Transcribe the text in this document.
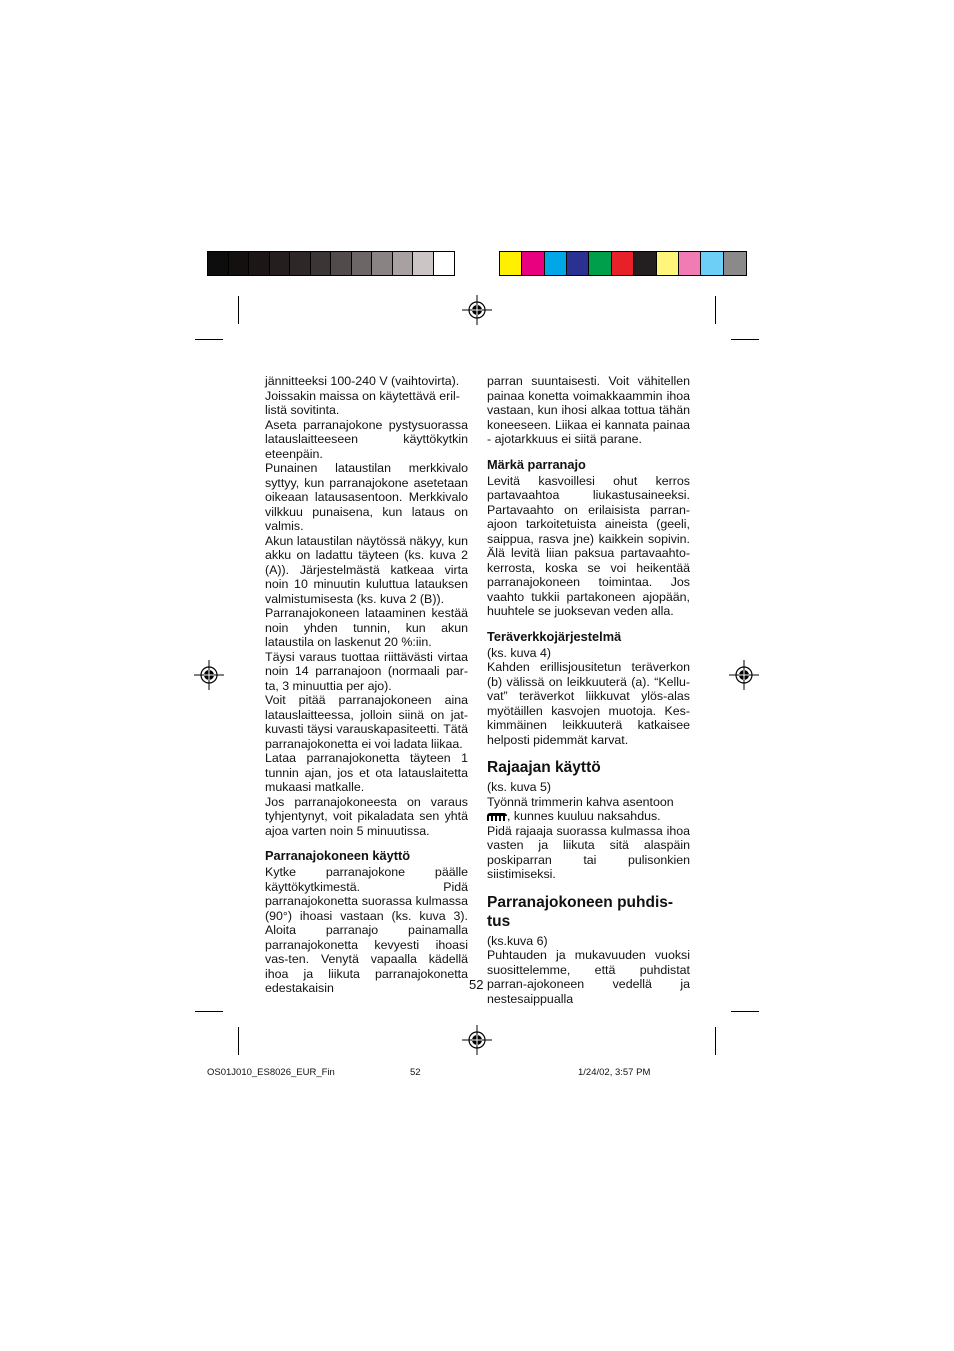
jännitteeksi 100-240 V (vaihtovirta). Joissakin maissa on käytettävä eril-listä sovitinta.

Aseta parranajokone pystysuorassa latauslaitteeseen käyttökytkin eteenpäin.

Punainen lataustilan merkkivalo syttyy, kun parranajokone asetetaan oikeaan latausasentoon. Merkkivalo vilkkuu punaisena, kun lataus on valmis.

Akun lataustilan näytössä näkyy, kun akku on ladattu täyteen (ks. kuva 2 (A)). Järjestelmästä katkeaa virta noin 10 minuutin kuluttua latauksen valmistumisesta (ks. kuva 2 (B)).

Parranajokoneen lataaminen kestää noin yhden tunnin, kun akun lataustila on laskenut 20 %:iin.

Täysi varaus tuottaa riittävästi virtaa noin 14 parranajoon (normaali par-ta, 3 minuuttia per ajo).

Voit pitää parranajokoneen aina latauslaitteessa, jolloin siinä on jat-kuvasti täysi varauskapasiteetti. Tätä parranajokonetta ei voi ladata liikaa.

Lataa parranajokonetta täyteen 1 tunnin ajan, jos et ota latauslaitetta mukaasi matkalle.

Jos parranajokoneesta on varaus tyhjentynyt, voit pikaladata sen yhtä ajoa varten noin 5 minuutissa.

Parranajokoneen käyttö

Kytke parranajokone päälle käyttökytkimestä. Pidä parranajokonetta suorassa kulmassa (90°) ihoasi vastaan (ks. kuva 3). Aloita parranajo painamalla parranajokonetta kevyesti ihoasi vas-ten. Venytä vapaalla kädellä ihoa ja liikuta parranajokonetta edestakaisin

parran suuntaisesti. Voit vähitellen painaa konetta voimakkaammin ihoa vastaan, kun ihosi alkaa tottua tähän koneeseen. Liikaa ei kannata painaa - ajotarkkuus ei siitä parane.

Märkä parranajo

Levitä kasvoillesi ohut kerros partavaahtoa liukastusaineeksi. Partavaahto on erilaisista parran-ajoon tarkoitetuista aineista (geeli, saippua, rasva jne) kaikkein sopivin. Älä levitä liian paksua partavaahto-kerrosta, koska se voi heikentää parranajokoneen toimintaa. Jos vaahto tukkii partakoneen ajopään, huuhtele se juoksevan veden alla.

Teräverkkojärjestelmä

(ks. kuva 4)

Kahden erillisjousitetun teräverkon (b) välissä on leikkuuterä (a). “Kellu-vat” teräverkot liikkuvat ylös-alas myötäillen kasvojen muotoja. Kes-kimmäinen leikkuuterä katkaisee helposti pidemmät karvat.

Rajaajan käyttö

(ks. kuva 5)

Työnnä trimmerin kahva asentoon
, kunnes kuuluu naksahdus.

Pidä rajaaja suorassa kulmassa ihoa vasten ja liikuta sitä alaspäin poskiparran tai pulisonkien siistimiseksi.

Parranajokoneen puhdis-tus

(ks.kuva 6)

Puhtauden ja mukavuuden vuoksi suosittelemme, että puhdistat parran-ajokoneen vedellä ja nestesaippualla

52
OS01J010_ES8026_EUR_Fin	52	1/24/02, 3:57 PM
